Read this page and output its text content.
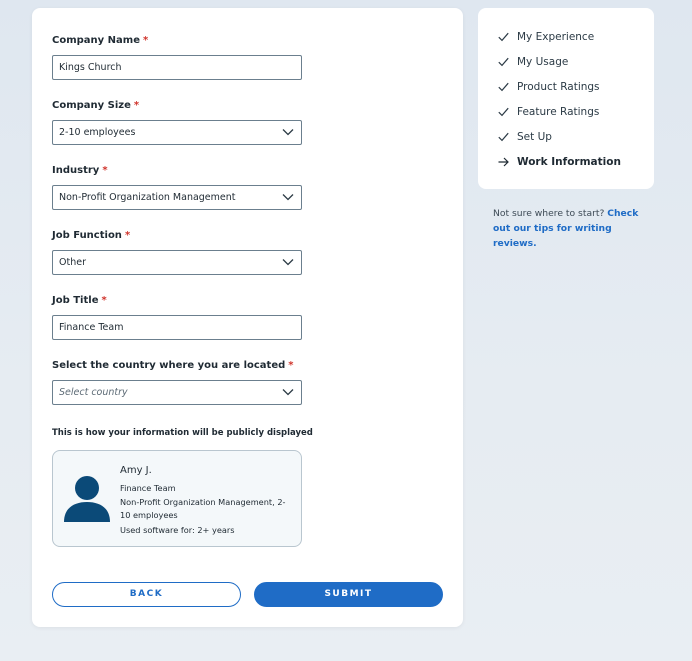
Company Name *
Kings Church
Company Size *
2-10 employees
Industry *
Non-Profit Organization Management
Job Function *
Other
Job Title *
Finance Team
Select the country where you are located *
Select country
This is how your information will be publicly displayed
Amy J.
Finance Team
Non-Profit Organization Management, 2-10 employees
Used software for: 2+ years
BACK	SUBMIT
My Experience
My Usage
Product Ratings
Feature Ratings
Set Up
Work Information
Not sure where to start? Check out our tips for writing reviews.
